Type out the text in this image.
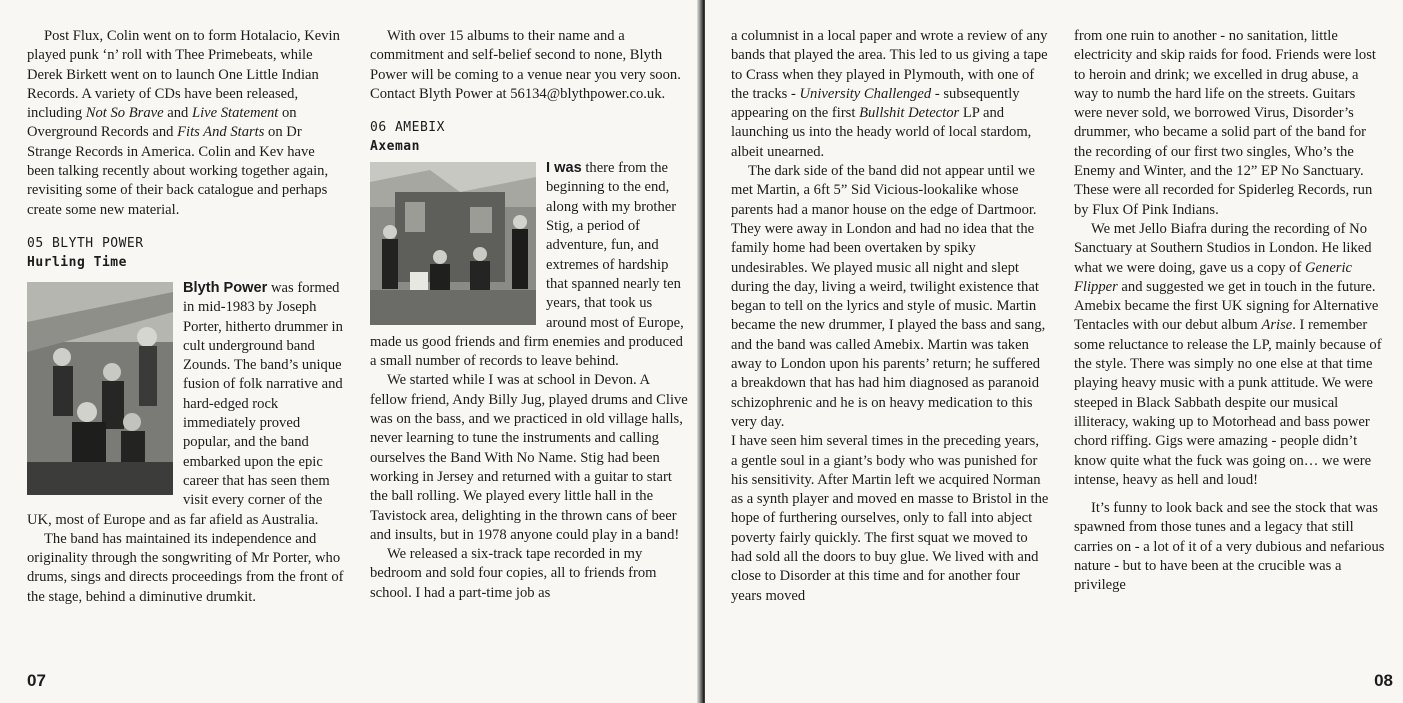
Post Flux, Colin went on to form Hotalacio, Kevin played punk ‘n’ roll with Thee Primebeats, while Derek Birkett went on to launch One Little Indian Records. A variety of CDs have been released, including Not So Brave and Live Statement on Overground Records and Fits And Starts on Dr Strange Records in America. Colin and Kev have been talking recently about working together again, revisiting some of their back catalogue and perhaps create some new material.

05 BLYTH POWER
Hurling Time

Blyth Power was formed in mid-1983 by Joseph Porter, hitherto drummer in cult underground band Zounds. The band’s unique fusion of folk narrative and hard-edged rock immediately proved popular, and the band embarked upon the epic career that has seen them visit every corner of the UK, most of Europe and as far afield as Australia.

The band has maintained its independence and originality through the songwriting of Mr Porter, who drums, sings and directs proceedings from the front of the stage, behind a diminutive drumkit.

With over 15 albums to their name and a commitment and self-belief second to none, Blyth Power will be coming to a venue near you very soon. Contact Blyth Power at 56134@blythpower.co.uk.

06 AMEBIX
Axeman

I was there from the beginning to the end, along with my brother Stig, a period of adventure, fun, and extremes of hardship that spanned nearly ten years, that took us around most of Europe, made us good friends and firm enemies and produced a small number of records to leave behind.

We started while I was at school in Devon. A fellow friend, Andy Billy Jug, played drums and Clive was on the bass, and we practiced in old village halls, never learning to tune the instruments and calling ourselves the Band With No Name. Stig had been working in Jersey and returned with a guitar to start the ball rolling. We played every little hall in the Tavistock area, delighting in the thrown cans of beer and insults, but in 1978 anyone could play in a band!

We released a six-track tape recorded in my bedroom and sold four copies, all to friends from school. I had a part-time job as

07

a columnist in a local paper and wrote a review of any bands that played the area. This led to us giving a tape to Crass when they played in Plymouth, with one of the tracks - University Challenged - subsequently appearing on the first Bullshit Detector LP and launching us into the heady world of local stardom, albeit unearned.

The dark side of the band did not appear until we met Martin, a 6ft 5” Sid Vicious-lookalike whose parents had a manor house on the edge of Dartmoor. They were away in London and had no idea that the family home had been overtaken by spiky undesirables. We played music all night and slept during the day, living a weird, twilight existence that began to tell on the lyrics and style of music. Martin became the new drummer, I played the bass and sang, and the band was called Amebix. Martin was taken away to London upon his parents’ return; he suffered a breakdown that has had him diagnosed as paranoid schizophrenic and he is on heavy medication to this very day.

I have seen him several times in the preceding years, a gentle soul in a giant’s body who was punished for his sensitivity. After Martin left we acquired Norman as a synth player and moved en masse to Bristol in the hope of furthering ourselves, only to fall into abject poverty fairly quickly. The first squat we moved to had sold all the doors to buy glue. We lived with and close to Disorder at this time and for another four years moved

from one ruin to another - no sanitation, little electricity and skip raids for food. Friends were lost to heroin and drink; we excelled in drug abuse, a way to numb the hard life on the streets. Guitars were never sold, we borrowed Virus, Disorder’s drummer, who became a solid part of the band for the recording of our first two singles, Who’s the Enemy and Winter, and the 12” EP No Sanctuary. These were all recorded for Spiderleg Records, run by Flux Of Pink Indians.

We met Jello Biafra during the recording of No Sanctuary at Southern Studios in London. He liked what we were doing, gave us a copy of Generic Flipper and suggested we get in touch in the future. Amebix became the first UK signing for Alternative Tentacles with our debut album Arise. I remember some reluctance to release the LP, mainly because of the style. There was simply no one else at that time playing heavy music with a punk attitude. We were steeped in Black Sabbath despite our musical illiteracy, waking up to Motorhead and bass power chord riffing. Gigs were amazing - people didn’t know quite what the fuck was going on… we were intense, heavy as hell and loud!

It’s funny to look back and see the stock that was spawned from those tunes and a legacy that still carries on - a lot of it of a very dubious and nefarious nature - but to have been at the crucible was a privilege

08
